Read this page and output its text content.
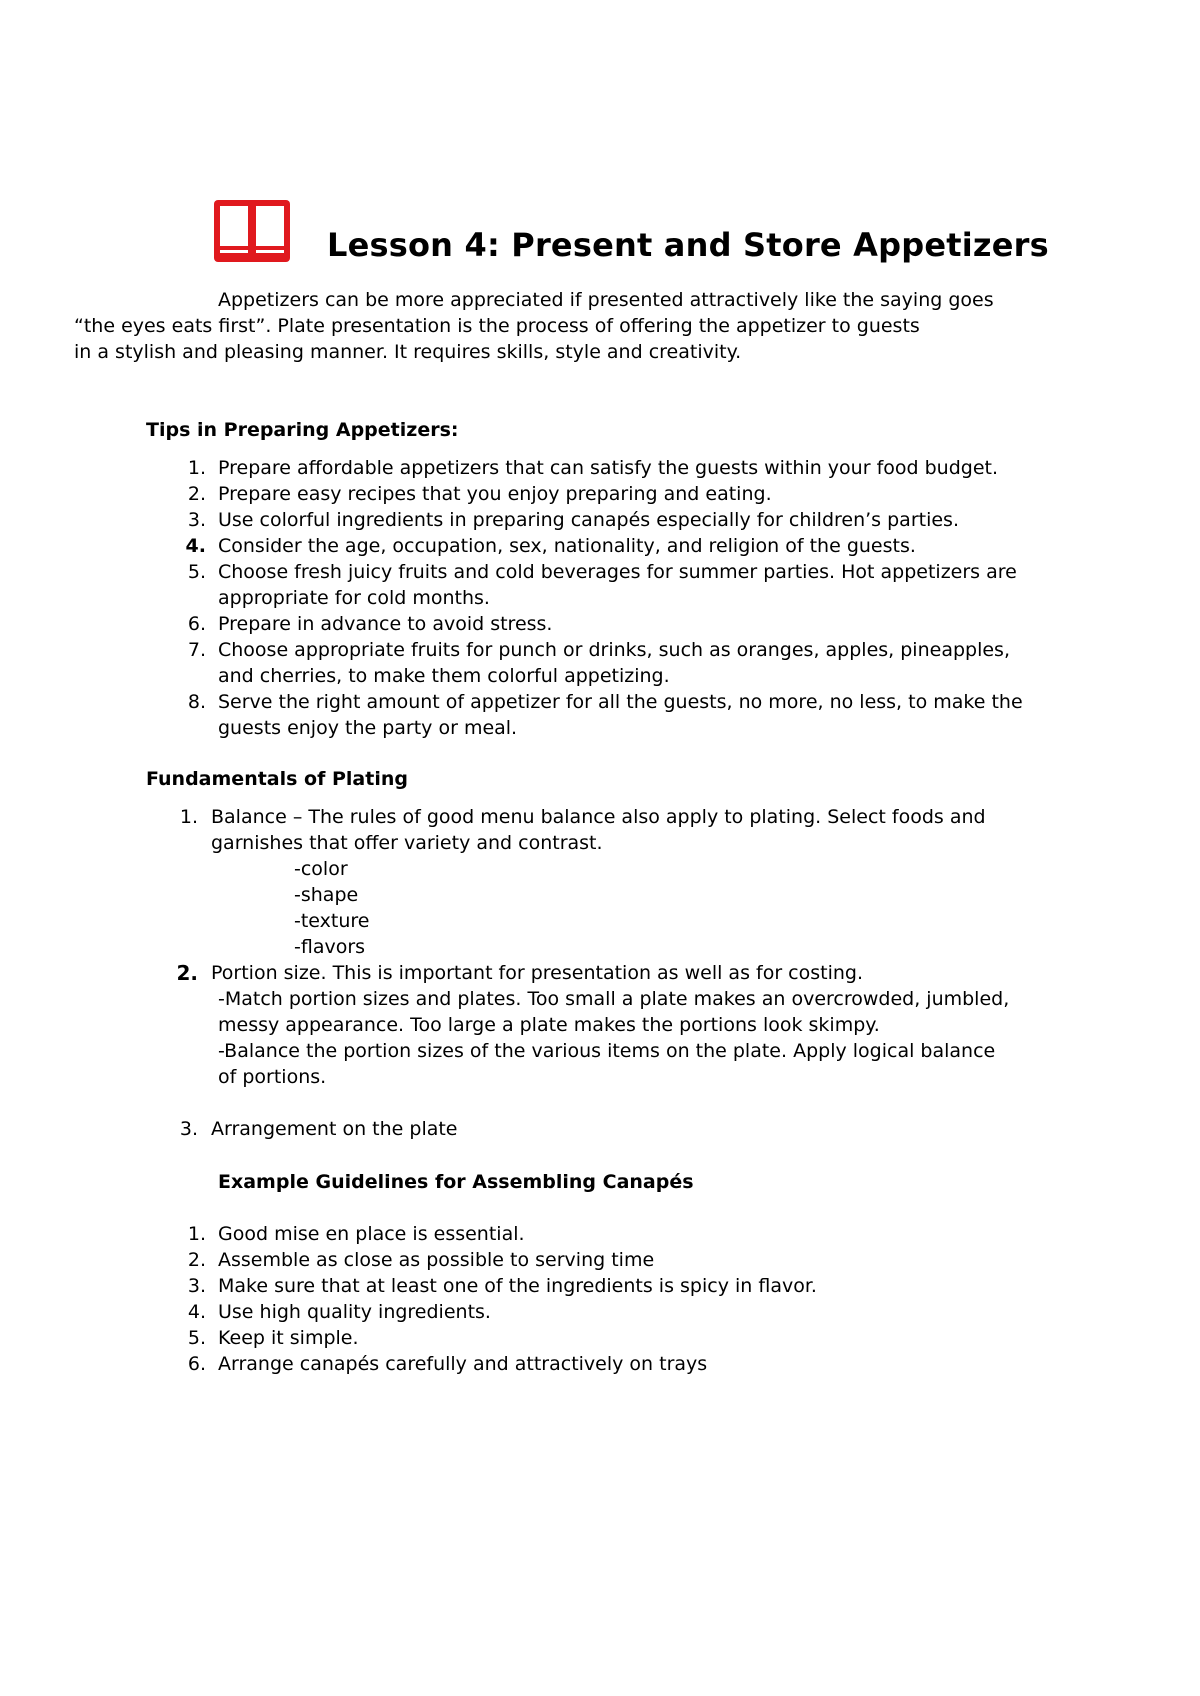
Lesson 4: Present and Store Appetizers

Appetizers can be more appreciated if presented attractively like the saying goes
“the eyes eats first”. Plate presentation is the process of offering the appetizer to guests
in a stylish and pleasing manner. It requires skills, style and creativity.

Tips in Preparing Appetizers:
1. Prepare affordable appetizers that can satisfy the guests within your food budget.
2. Prepare easy recipes that you enjoy preparing and eating.
3. Use colorful ingredients in preparing canapés especially for children’s parties.
4. Consider the age, occupation, sex, nationality, and religion of the guests.
5. Choose fresh juicy fruits and cold beverages for summer parties. Hot appetizers are
appropriate for cold months.
6. Prepare in advance to avoid stress.
7. Choose appropriate fruits for punch or drinks, such as oranges, apples, pineapples,
and cherries, to make them colorful appetizing.
8. Serve the right amount of appetizer for all the guests, no more, no less, to make the
guests enjoy the party or meal.
Fundamentals of Plating
1. Balance – The rules of good menu balance also apply to plating. Select foods and
garnishes that offer variety and contrast.
-color
-shape
-texture
-flavors
2. Portion size. This is important for presentation as well as for costing.
-Match portion sizes and plates. Too small a plate makes an overcrowded, jumbled,
messy appearance. Too large a plate makes the portions look skimpy.
-Balance the portion sizes of the various items on the plate. Apply logical balance
of portions.
3. Arrangement on the plate
Example Guidelines for Assembling Canapés
1. Good mise en place is essential.
2. Assemble as close as possible to serving time
3. Make sure that at least one of the ingredients is spicy in flavor.
4. Use high quality ingredients.
5. Keep it simple.
6. Arrange canapés carefully and attractively on trays
